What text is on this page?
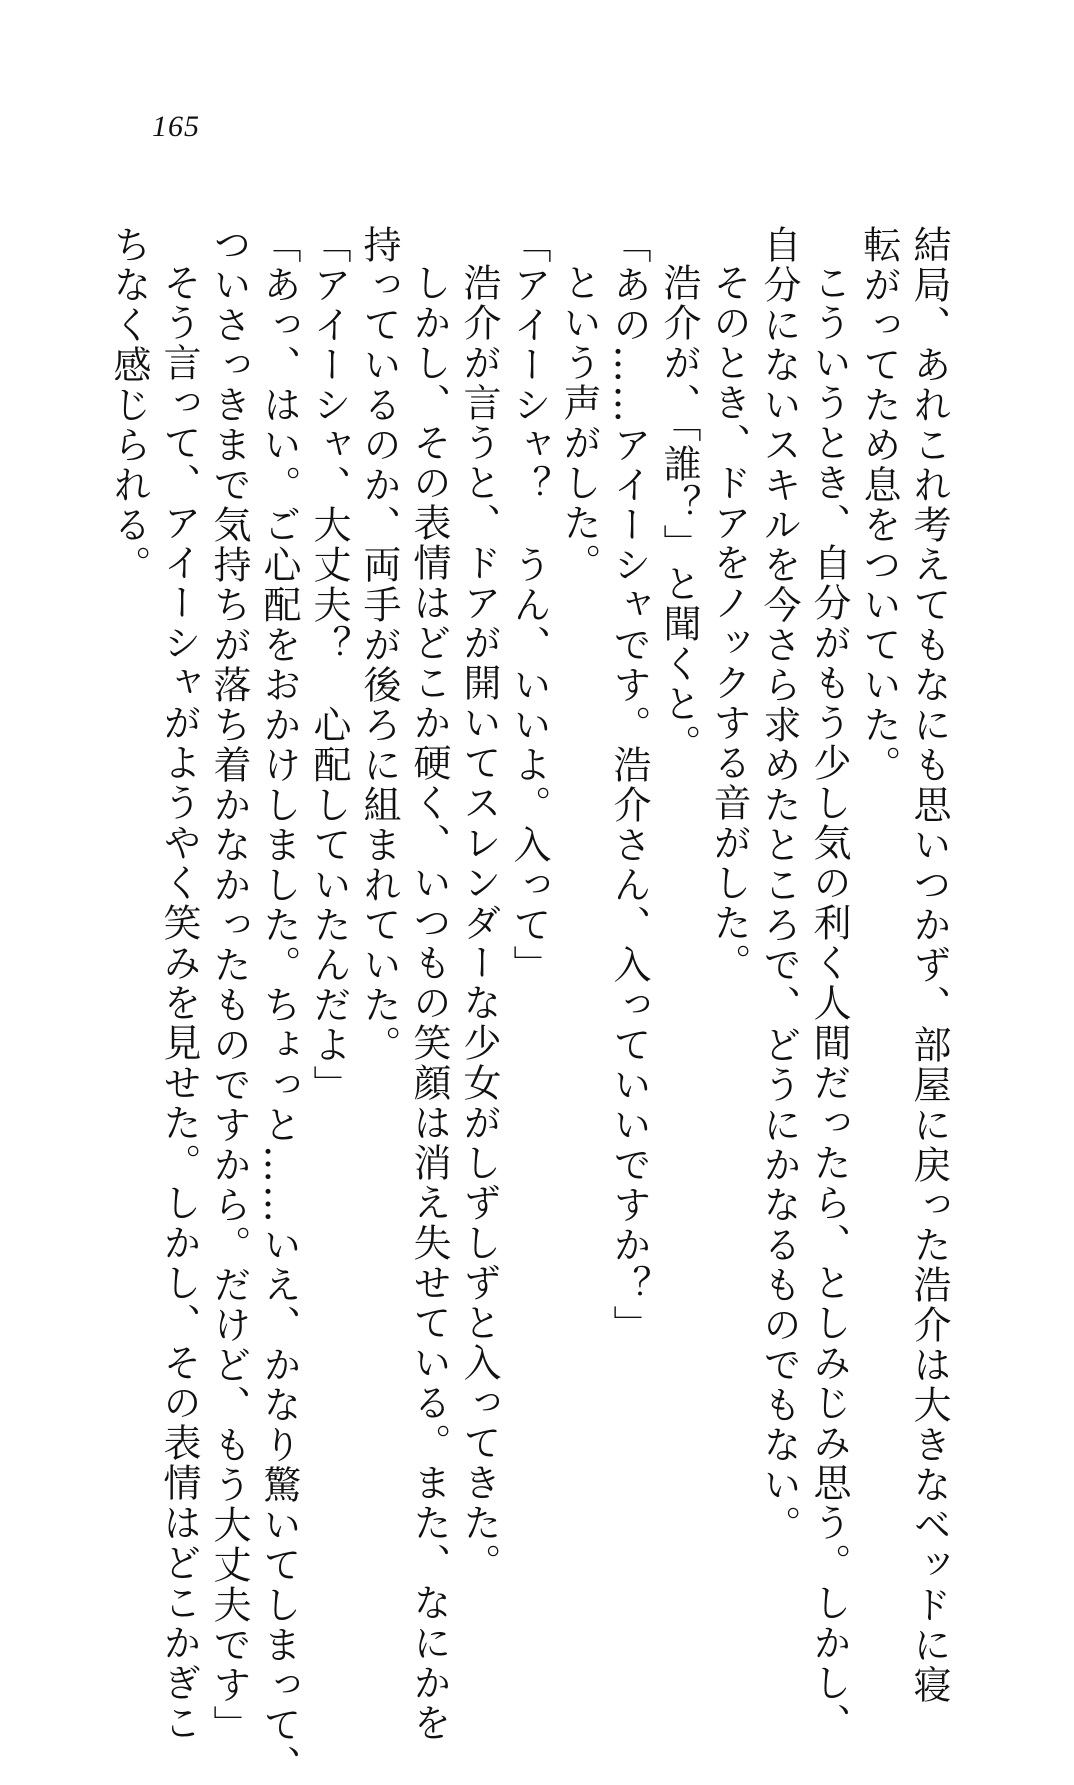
165
結局、あれこれ考えてもなにも思いつかず、部屋に戻った浩介は大きなベッドに寝
転がってため息をついていた。
こういうとき、自分がもう少し気の利く人間だったら、としみじみ思う。しかし、
自分にないスキルを今さら求めたところで、どうにかなるものでもない。
そのとき、ドアをノックする音がした。
浩介が、「誰？」と聞くと。
「あの……アイーシャです。浩介さん、入っていいですか？」
という声がした。
「アイーシャ？　うん、いいよ。入って」
浩介が言うと、ドアが開いてスレンダーな少女がしずしずと入ってきた。
しかし、その表情はどこか硬く、いつもの笑顔は消え失せている。また、なにかを
持っているのか、両手が後ろに組まれていた。
「アイーシャ、大丈夫？　心配していたんだよ」
「あっ、はい。ご心配をおかけしました。ちょっと……いえ、かなり驚いてしまって、
ついさっきまで気持ちが落ち着かなかったものですから。だけど、もう大丈夫です」
そう言って、アイーシャがようやく笑みを見せた。しかし、その表情はどこかぎこ
ちなく感じられる。
